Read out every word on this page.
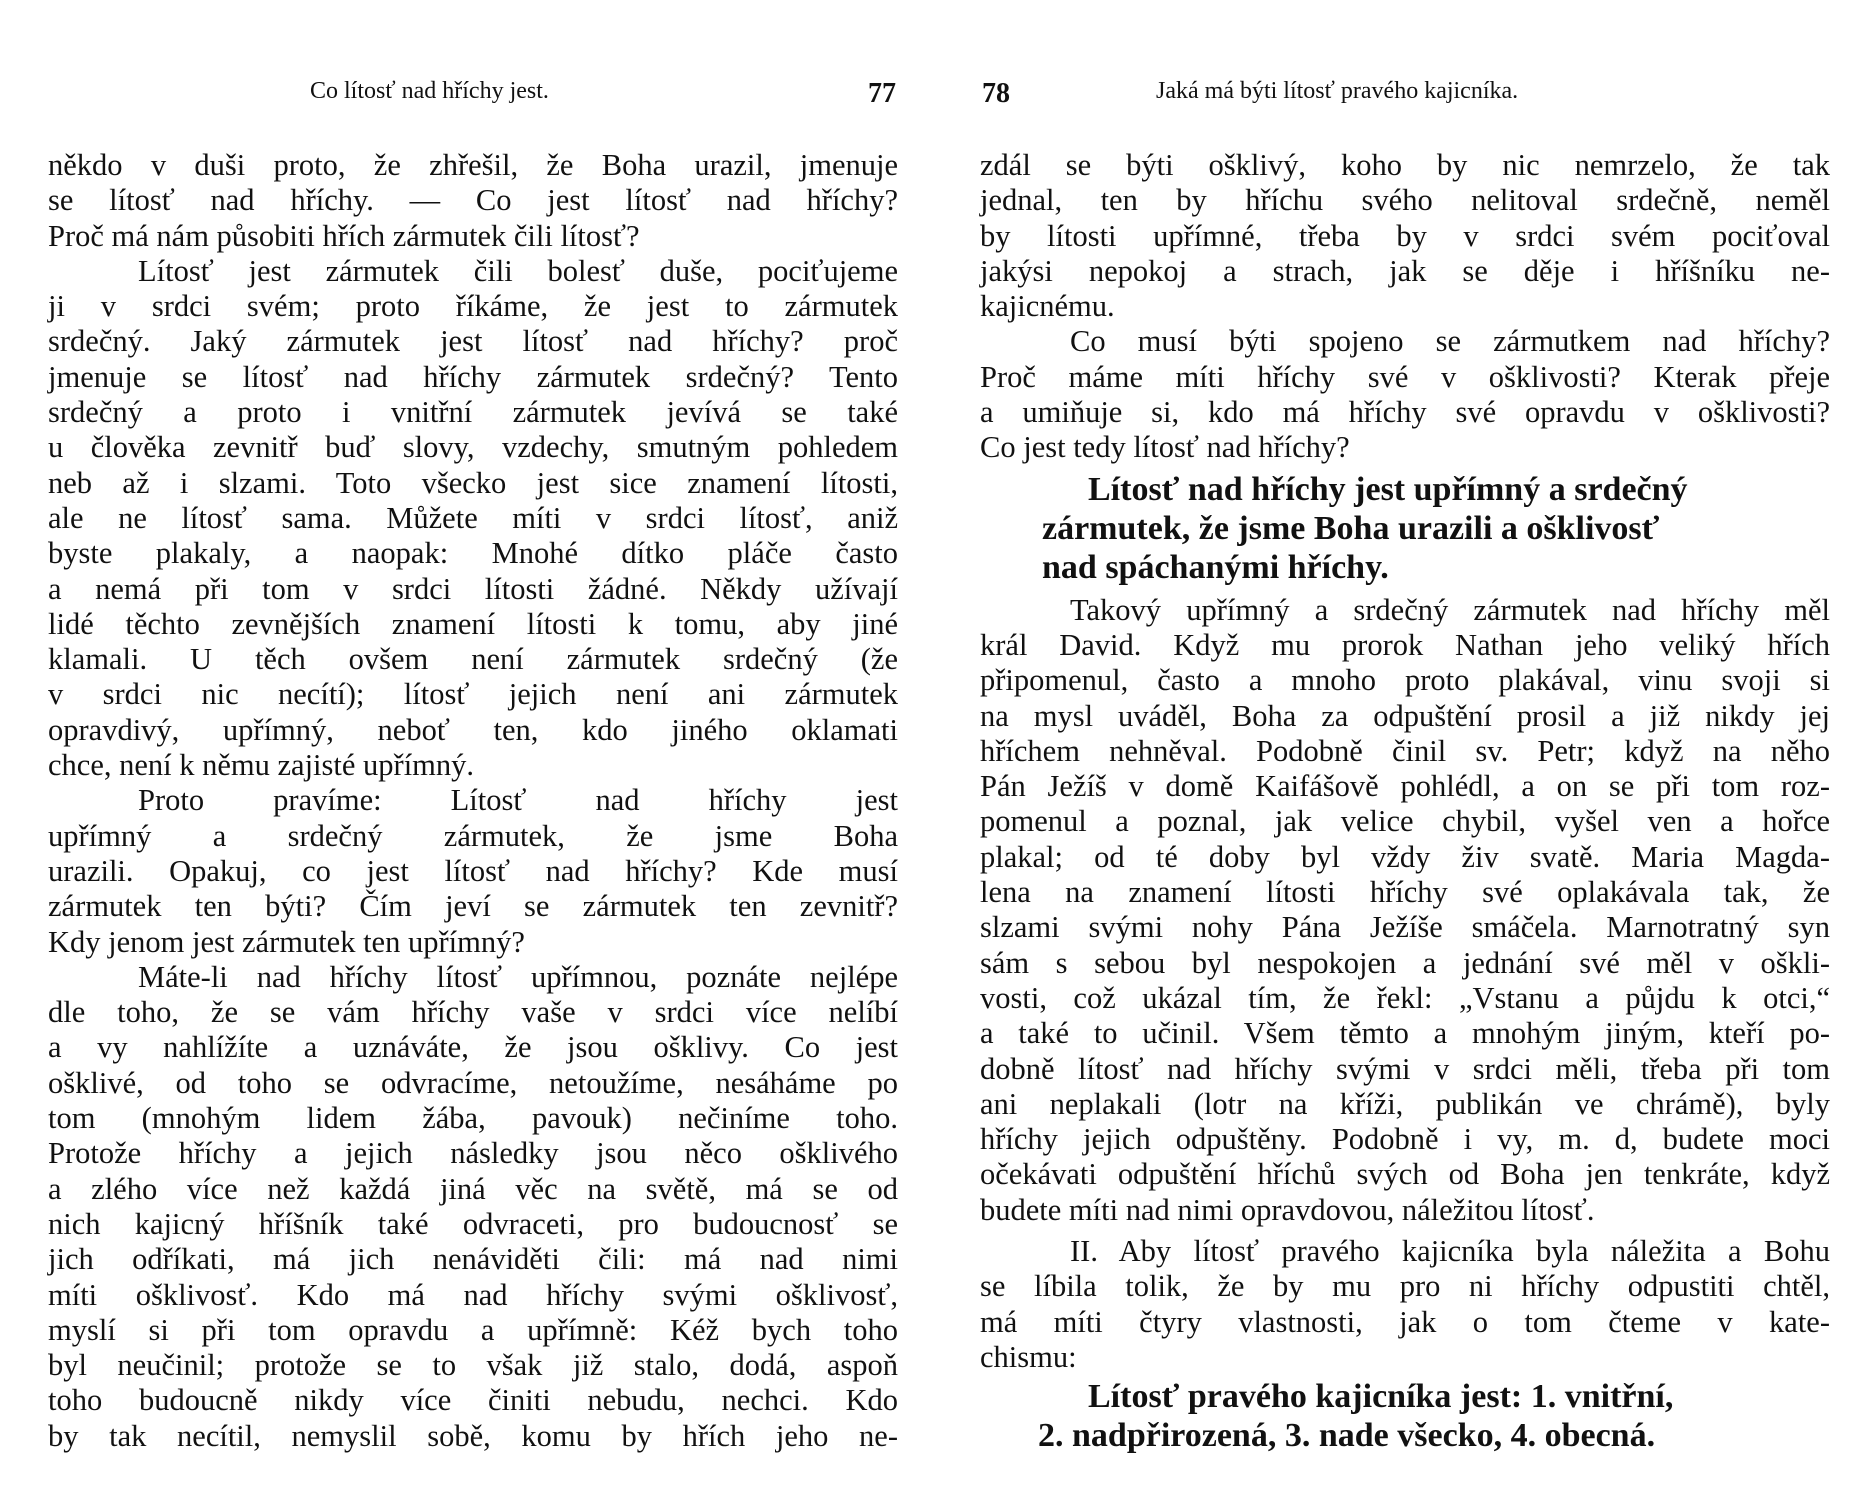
Co lítosť nad hříchy jest.	77
někdo v duši proto, že zhřešil, že Boha urazil, jmenuje
se lítosť nad hříchy. — Co jest lítosť nad hříchy?
Proč má nám působiti hřích zármutek čili lítosť?
Lítosť jest zármutek čili bolesť duše, pociťujeme
ji v srdci svém; proto říkáme, že jest to zármutek
srdečný. Jaký zármutek jest lítosť nad hříchy? proč
jmenuje se lítosť nad hříchy zármutek srdečný? Tento
srdečný a proto i vnitřní zármutek jevívá se také
u člověka zevnitř buď slovy, vzdechy, smutným pohledem
neb až i slzami. Toto všecko jest sice znamení lítosti,
ale ne lítosť sama. Můžete míti v srdci lítosť, aniž
byste plakaly, a naopak: Mnohé dítko pláče často
a nemá při tom v srdci lítosti žádné. Někdy užívají
lidé těchto zevnějších znamení lítosti k tomu, aby jiné
klamali. U těch ovšem není zármutek srdečný (že
v srdci nic necítí); lítosť jejich není ani zármutek
opravdivý, upřímný, neboť ten, kdo jiného oklamati
chce, není k němu zajisté upřímný.
Proto pravíme: Lítosť nad hříchy jest
upřímný a srdečný zármutek, že jsme Boha
urazili. Opakuj, co jest lítosť nad hříchy? Kde musí
zármutek ten býti? Čím jeví se zármutek ten zevnitř?
Kdy jenom jest zármutek ten upřímný?
Máte-li nad hříchy lítosť upřímnou, poznáte nejlépe
dle toho, že se vám hříchy vaše v srdci více nelíbí
a vy nahlížíte a uznáváte, že jsou ošklivy. Co jest
ošklivé, od toho se odvracíme, netoužíme, nesáháme po
tom (mnohým lidem žába, pavouk) nečiníme toho.
Protože hříchy a jejich následky jsou něco ošklivého
a zlého více než každá jiná věc na světě, má se od
nich kajicný hříšník také odvraceti, pro budoucnosť se
jich odříkati, má jich nenáviděti čili: má nad nimi
míti ošklivosť. Kdo má nad hříchy svými ošklivosť,
myslí si při tom opravdu a upřímně: Kéž bych toho
byl neučinil; protože se to však již stalo, dodá, aspoň
toho budoucně nikdy více činiti nebudu, nechci. Kdo
by tak necítil, nemyslil sobě, komu by hřích jeho ne-
78	Jaká má býti lítosť pravého kajicníka.
zdál se býti ošklivý, koho by nic nemrzelo, že tak
jednal, ten by hříchu svého nelitoval srdečně, neměl
by lítosti upřímné, třeba by v srdci svém pociťoval
jakýsi nepokoj a strach, jak se děje i hříšníku ne-
kajicnému.
Co musí býti spojeno se zármutkem nad hříchy?
Proč máme míti hříchy své v ošklivosti? Kterak přeje
a umiňuje si, kdo má hříchy své opravdu v ošklivosti?
Co jest tedy lítosť nad hříchy?
Lítosť nad hříchy jest upřímný a srdečný
zármutek, že jsme Boha urazili a ošklivosť
nad spáchanými hříchy.
Takový upřímný a srdečný zármutek nad hříchy měl
král David. Když mu prorok Nathan jeho veliký hřích
připomenul, často a mnoho proto plakával, vinu svoji si
na mysl uváděl, Boha za odpuštění prosil a již nikdy jej
hříchem nehněval. Podobně činil sv. Petr; když na něho
Pán Ježíš v domě Kaifášově pohlédl, a on se při tom roz-
pomenul a poznal, jak velice chybil, vyšel ven a hořce
plakal; od té doby byl vždy živ svatě. Maria Magda-
lena na znamení lítosti hříchy své oplakávala tak, že
slzami svými nohy Pána Ježíše smáčela. Marnotratný syn
sám s sebou byl nespokojen a jednání své měl v oškli-
vosti, což ukázal tím, že řekl: „Vstanu a půjdu k otci,“
a také to učinil. Všem těmto a mnohým jiným, kteří po-
dobně lítosť nad hříchy svými v srdci měli, třeba při tom
ani neplakali (lotr na kříži, publikán ve chrámě), byly
hříchy jejich odpuštěny. Podobně i vy, m. d, budete moci
očekávati odpuštění hříchů svých od Boha jen tenkráte, když
budete míti nad nimi opravdovou, náležitou lítosť.
II. Aby lítosť pravého kajicníka byla náležita a Bohu
se líbila tolik, že by mu pro ni hříchy odpustiti chtěl,
má míti čtyry vlastnosti, jak o tom čteme v kate-
chismu:
Lítosť pravého kajicníka jest: 1. vnitřní,
2. nadpřirozená, 3. nade všecko, 4. obecná.
